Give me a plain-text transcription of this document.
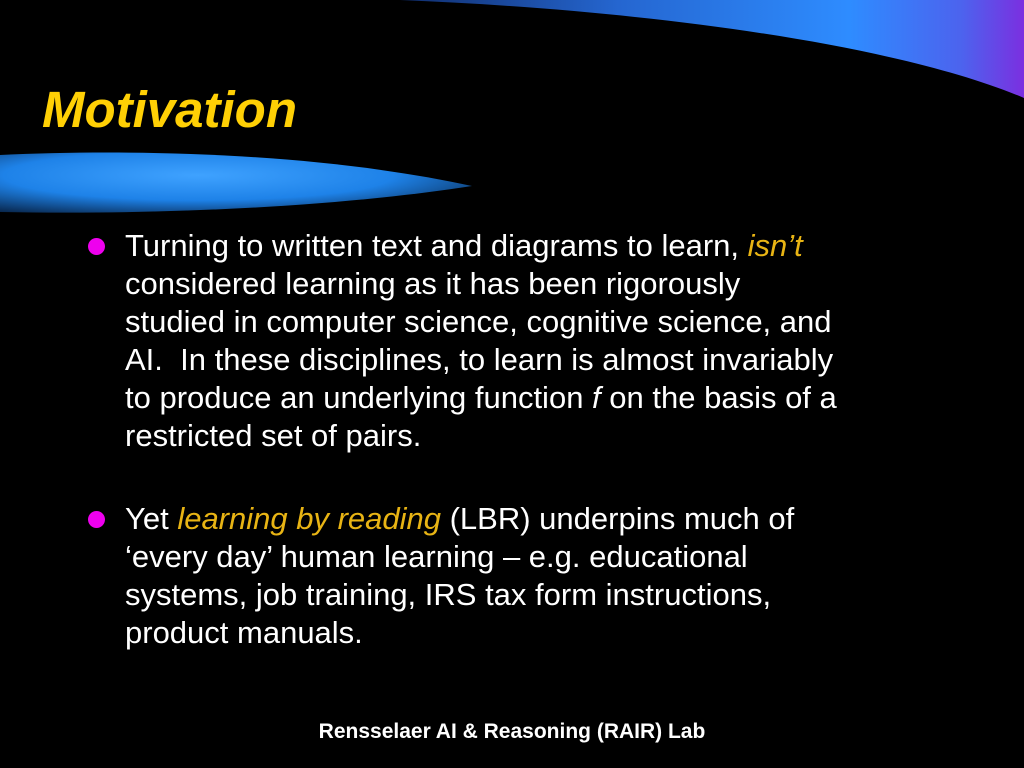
Motivation
Turning to written text and diagrams to learn, isn’t
considered learning as it has been rigorously
studied in computer science, cognitive science, and
AI.  In these disciplines, to learn is almost invariably
to produce an underlying function f on the basis of a
restricted set of pairs.
Yet learning by reading (LBR) underpins much of
‘every day’ human learning – e.g. educational
systems, job training, IRS tax form instructions,
product manuals.
Rensselaer AI & Reasoning (RAIR) Lab
